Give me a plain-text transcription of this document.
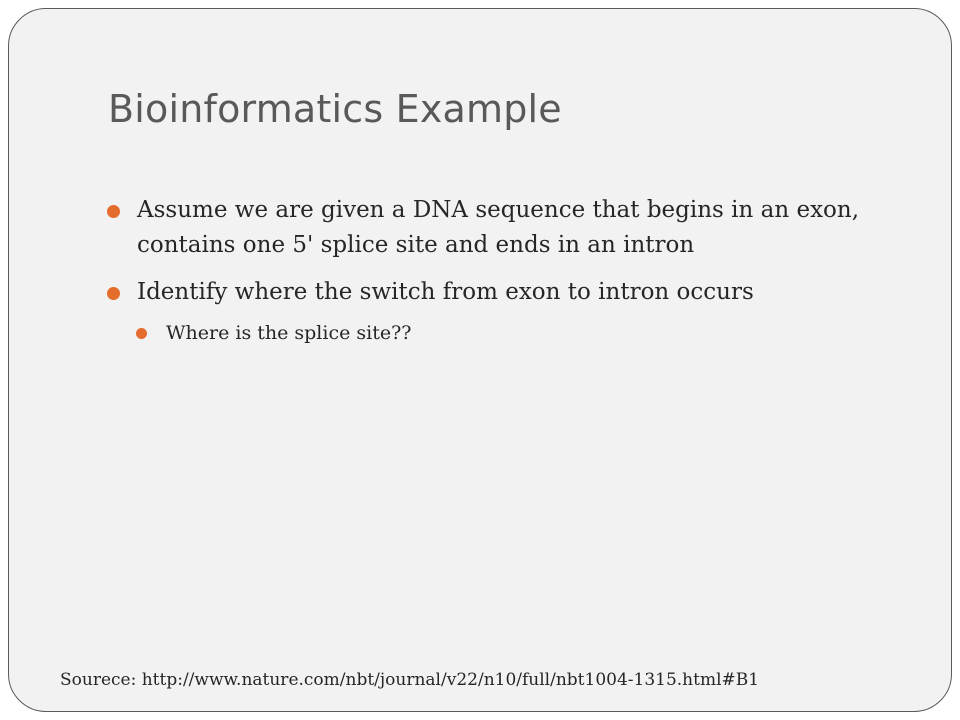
Bioinformatics Example
Assume we are given a DNA sequence that begins in an exon, contains one 5' splice site and ends in an intron
Identify where the switch from exon to intron occurs
Where is the splice site??
Sourece: http://www.nature.com/nbt/journal/v22/n10/full/nbt1004-1315.html#B1
